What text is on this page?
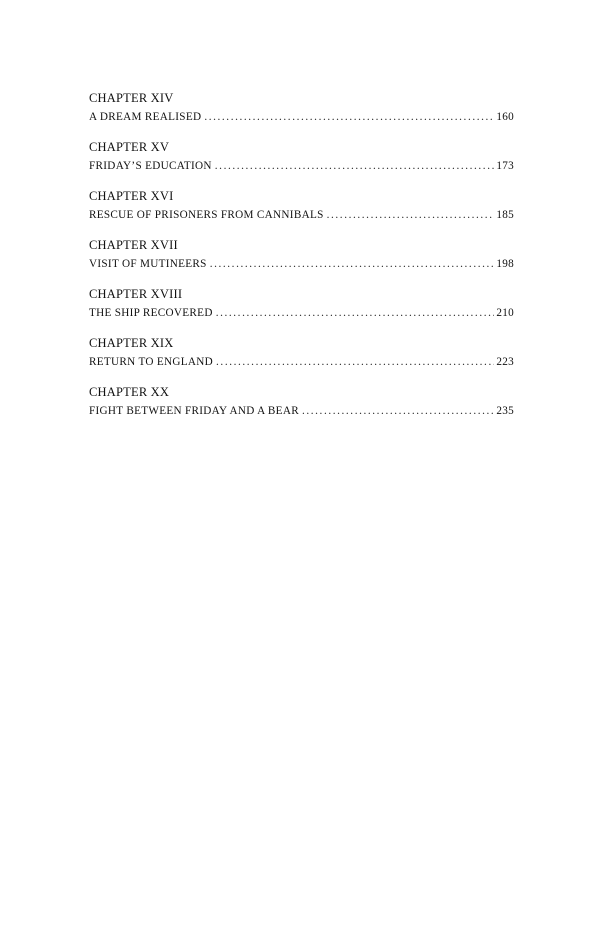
CHAPTER XIV
A DREAM REALISED . . .	160
CHAPTER XV
FRIDAY’S EDUCATION . . .	173
CHAPTER XVI
RESCUE OF PRISONERS FROM CANNIBALS . . .	185
CHAPTER XVII
VISIT OF MUTINEERS . . .	198
CHAPTER XVIII
THE SHIP RECOVERED . . .	210
CHAPTER XIX
RETURN TO ENGLAND . . .	223
CHAPTER XX
FIGHT BETWEEN FRIDAY AND A BEAR . . .	235
